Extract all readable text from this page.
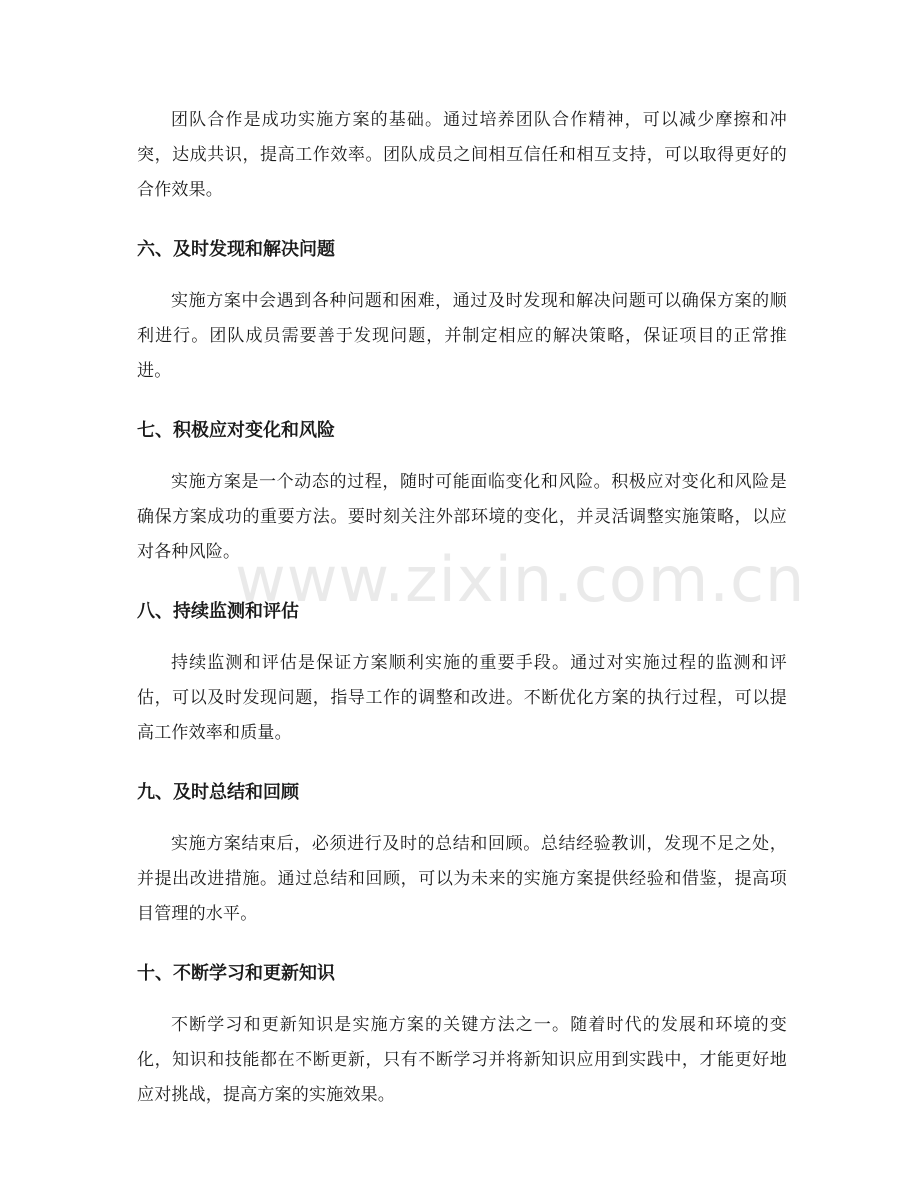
团队合作是成功实施方案的基础。通过培养团队合作精神，可以减少摩擦和冲突，达成共识，提高工作效率。团队成员之间相互信任和相互支持，可以取得更好的合作效果。

六、及时发现和解决问题

实施方案中会遇到各种问题和困难，通过及时发现和解决问题可以确保方案的顺利进行。团队成员需要善于发现问题，并制定相应的解决策略，保证项目的正常推进。

七、积极应对变化和风险

实施方案是一个动态的过程，随时可能面临变化和风险。积极应对变化和风险是确保方案成功的重要方法。要时刻关注外部环境的变化，并灵活调整实施策略，以应对各种风险。

八、持续监测和评估

持续监测和评估是保证方案顺利实施的重要手段。通过对实施过程的监测和评估，可以及时发现问题，指导工作的调整和改进。不断优化方案的执行过程，可以提高工作效率和质量。

九、及时总结和回顾

实施方案结束后，必须进行及时的总结和回顾。总结经验教训，发现不足之处，并提出改进措施。通过总结和回顾，可以为未来的实施方案提供经验和借鉴，提高项目管理的水平。

十、不断学习和更新知识

不断学习和更新知识是实施方案的关键方法之一。随着时代的发展和环境的变化，知识和技能都在不断更新，只有不断学习并将新知识应用到实践中，才能更好地应对挑战，提高方案的实施效果。

www.zixin.com.cn
